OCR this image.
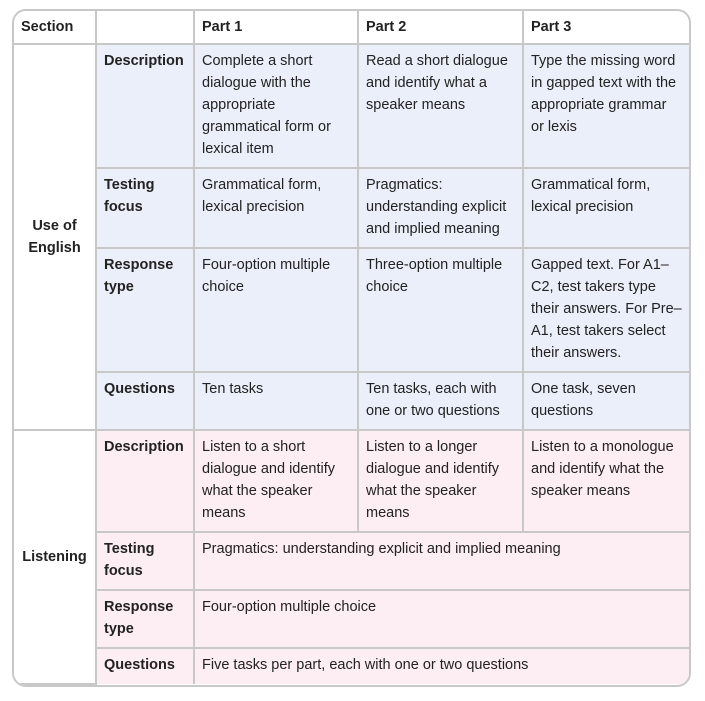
Section		Part 1	Part 2	Part 3
Use of English	Description	Complete a short dialogue with the appropriate grammatical form or lexical item	Read a short dialogue and identify what a speaker means	Type the missing word in gapped text with the appropriate grammar or lexis
	Testing focus	Grammatical form, lexical precision	Pragmatics: understanding explicit and implied meaning	Grammatical form, lexical precision
	Response type	Four-option multiple choice	Three-option multiple choice	Gapped text. For A1–C2, test takers type their answers. For Pre–A1, test takers select their answers.
	Questions	Ten tasks	Ten tasks, each with one or two questions	One task, seven questions
Listening	Description	Listen to a short dialogue and identify what the speaker means	Listen to a longer dialogue and identify what the speaker means	Listen to a monologue and identify what the speaker means
	Testing focus	Pragmatics: understanding explicit and implied meaning		
	Response type	Four-option multiple choice		
	Questions	Five tasks per part, each with one or two questions		
